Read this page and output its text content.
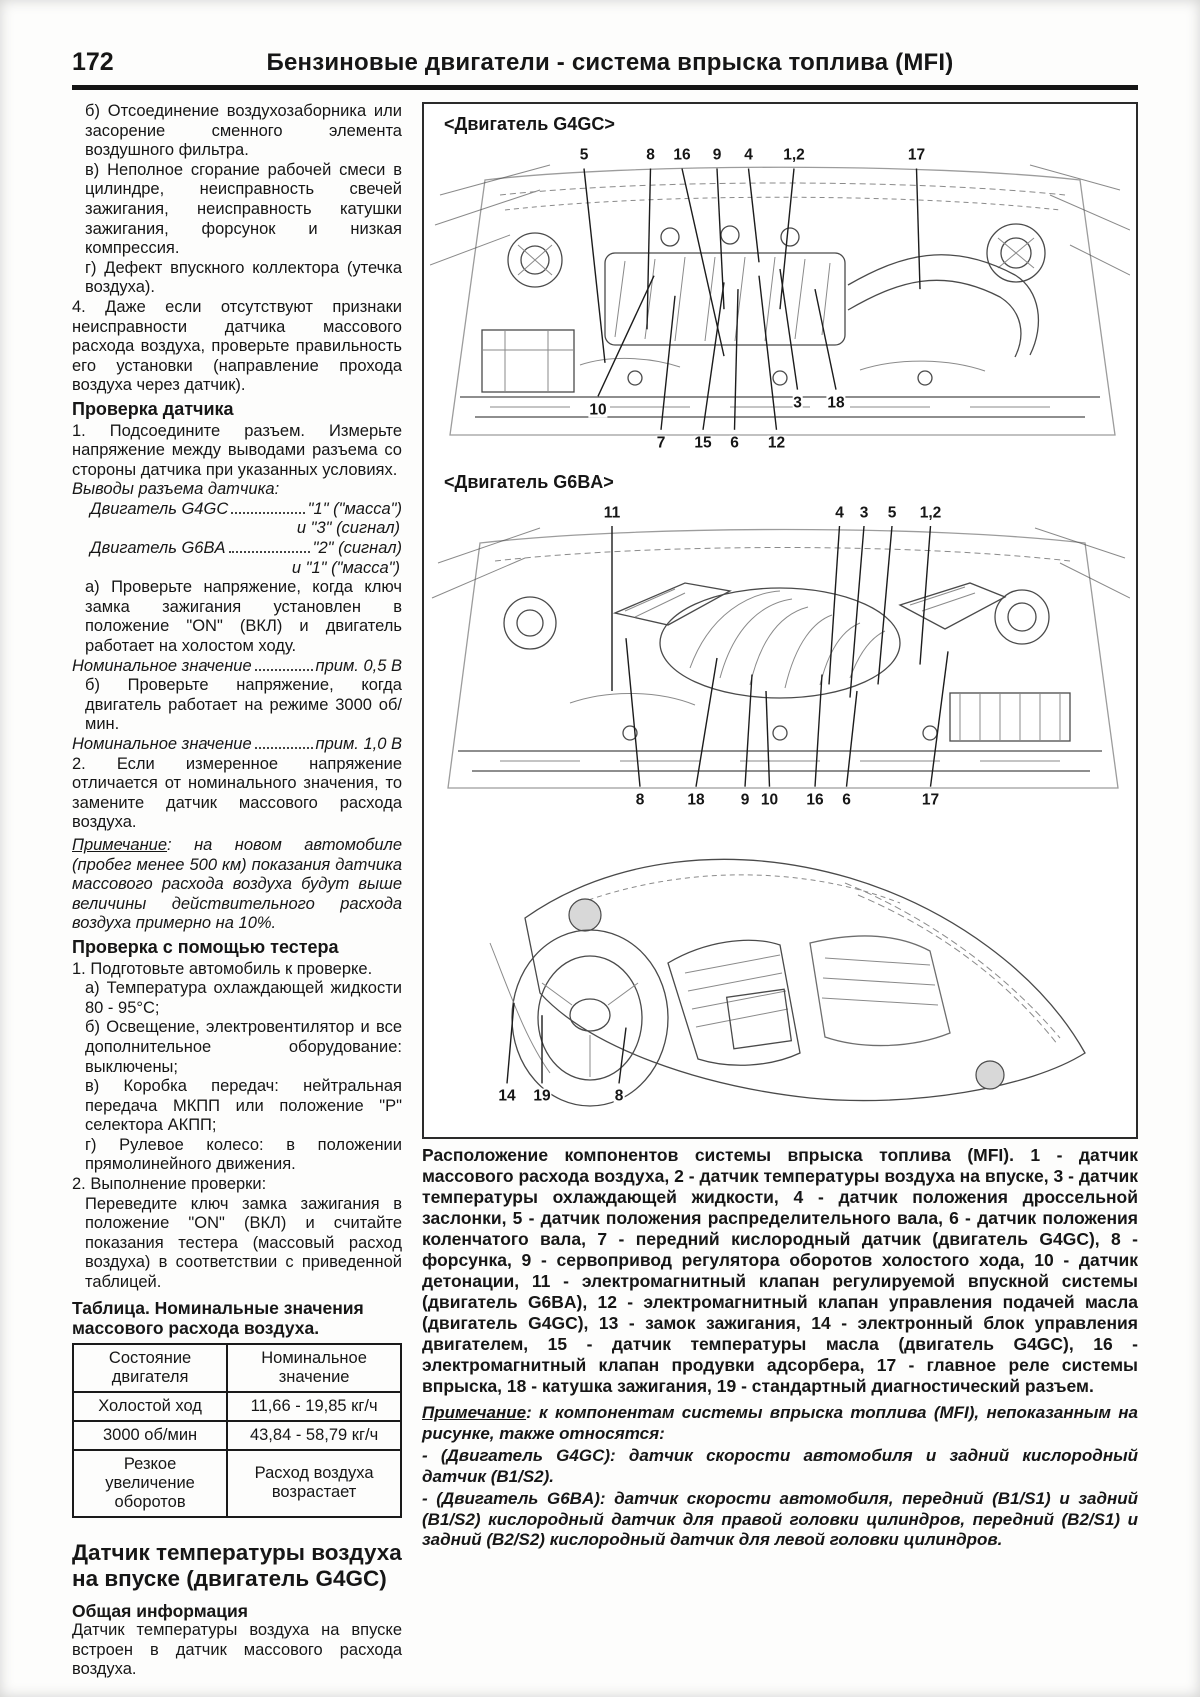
172	Бензиновые двигатели - система впрыска топлива (MFI)

б) Отсоединение воздухозаборника или засорение сменного элемента воздушного фильтра.

в) Неполное сгорание рабочей смеси в цилиндре, неисправность свечей зажигания, неисправность катушки зажигания, форсунок и низкая компрессия.

г) Дефект впускного коллектора (утечка воздуха).

4. Даже если отсутствуют признаки неисправности датчика массового расхода воздуха, проверьте правильность его установки (направление прохода воздуха через датчик).

Проверка датчика

1. Подсоедините разъем. Измерьте напряжение между выводами разъема со стороны датчика при указанных условиях.

Выводы разъема датчика:

Двигатель G4GC	"1" ("масса")

и "3" (сигнал)

Двигатель G6BA	"2" (сигнал)

и "1" ("масса")

а) Проверьте напряжение, когда ключ замка зажигания установлен в положение "ON" (ВКЛ) и двигатель работает на холостом ходу.

Номинальное значение	прим. 0,5 В

б) Проверьте напряжение, когда двигатель работает на режиме 3000 об/мин.

Номинальное значение	прим. 1,0 В

2. Если измеренное напряжение отличается от номинального значения, то замените датчик массового расхода воздуха.

Примечание: на новом автомобиле (пробег менее 500 км) показания датчика массового расхода воздуха будут выше величины действительного расхода воздуха примерно на 10%.

Проверка с помощью тестера

1. Подготовьте автомобиль к проверке.

а) Температура охлаждающей жидкости 80 - 95°С;

б) Освещение, электровентилятор и все дополнительное оборудование: выключены;

в) Коробка передач: нейтральная передача МКПП или положение "Р" селектора АКПП;

г) Рулевое колесо: в положении прямолинейного движения.

2. Выполнение проверки:

Переведите ключ замка зажигания в положение "ON" (ВКЛ) и считайте показания тестера (массовый расход воздуха) в соответствии с приведенной таблицей.

Таблица. Номинальные значения массового расхода воздуха.

Состояние двигателя	Номинальное значение
Холостой ход	11,66 - 19,85 кг/ч
3000 об/мин	43,84 - 58,79 кг/ч
Резкое увеличение оборотов	Расход воздуха возрастает

Датчик температуры воздуха на впуске (двигатель G4GC)

Общая информация

Датчик температуры воздуха на впуске встроен в датчик массового расхода воздуха.

<Двигатель G4GC>
5	8 16 9 4 1,2	17
10
7 15 6 12
3 18
<Двигатель G6BA>
11	4 3 5 1,2
8	18 9 10 16 6	17
14 19	8

Расположение компонентов системы впрыска топлива (MFI). 1 - датчик массового расхода воздуха, 2 - датчик температуры воздуха на впуске, 3 - датчик температуры охлаждающей жидкости, 4 - датчик положения дроссельной заслонки, 5 - датчик положения распределительного вала, 6 - датчик положения коленчатого вала, 7 - передний кислородный датчик (двигатель G4GC), 8 - форсунка, 9 - сервопривод регулятора оборотов холостого хода, 10 - датчик детонации, 11 - электромагнитный клапан регулируемой впускной системы (двигатель G6BA), 12 - электромагнитный клапан управления подачей масла (двигатель G4GC), 13 - замок зажигания, 14 - электронный блок управления двигателем, 15 - датчик температуры масла (двигатель G4GC), 16 - электромагнитный клапан продувки адсорбера, 17 - главное реле системы впрыска, 18 - катушка зажигания, 19 - стандартный диагностический разъем.

Примечание: к компонентам системы впрыска топлива (MFI), непоказанным на рисунке, также относятся:

- (Двигатель G4GC): датчик скорости автомобиля и задний кислородный датчик (B1/S2).

- (Двигатель G6BA): датчик скорости автомобиля, передний (B1/S1) и задний (B1/S2) кислородный датчик для правой головки цилиндров, передний (B2/S1) и задний (B2/S2) кислородный датчик для левой головки цилиндров.
